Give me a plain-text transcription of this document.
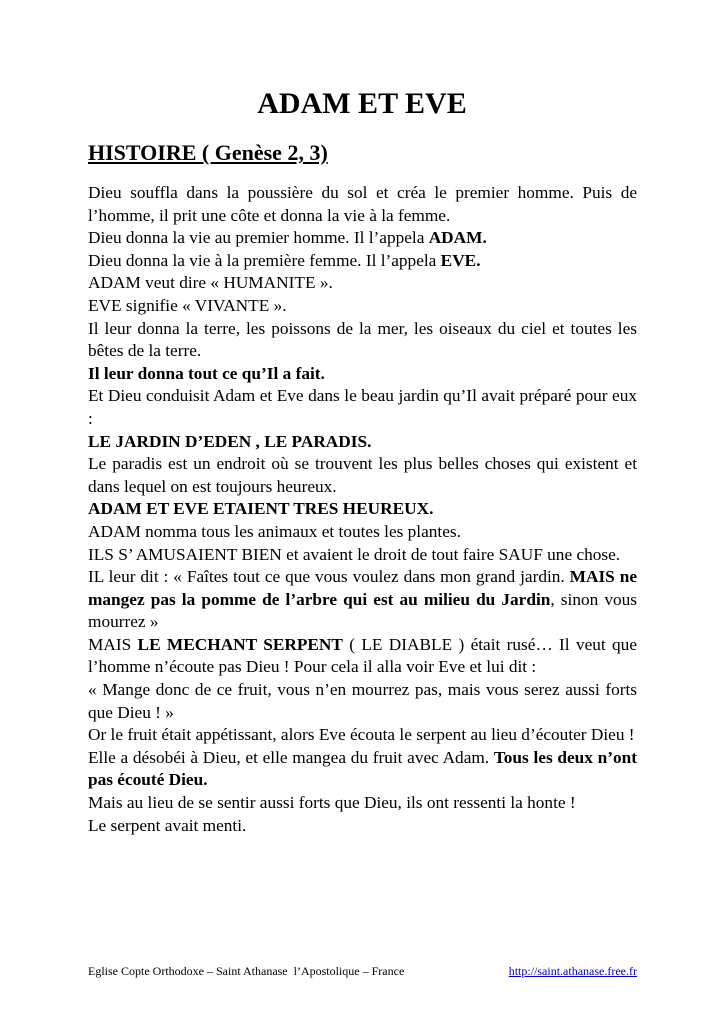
ADAM ET EVE
HISTOIRE ( Genèse 2, 3)

Dieu souffla dans la poussière du sol et créa le premier homme. Puis de l’homme, il prit une côte et donna la vie à la femme.

Dieu donna la vie au premier homme. Il l’appela ADAM.

Dieu donna la vie à la première femme. Il l’appela EVE.

ADAM veut dire « HUMANITE ».

EVE signifie « VIVANTE ».

Il leur donna la terre, les poissons de la mer, les oiseaux du ciel et toutes les bêtes de la terre.

Il leur donna tout ce qu’Il a fait.

Et Dieu conduisit Adam et Eve dans le beau jardin qu’Il avait préparé pour eux :

LE JARDIN D’EDEN , LE PARADIS.

Le paradis est un endroit où se trouvent les plus belles choses qui existent et dans lequel on est toujours heureux.

ADAM ET EVE ETAIENT TRES HEUREUX.

ADAM nomma tous les animaux et toutes les plantes.

ILS S’ AMUSAIENT BIEN et avaient le droit de tout faire SAUF une chose.

IL leur dit : « Faîtes tout ce que vous voulez dans mon grand jardin. MAIS ne mangez pas la pomme de l’arbre qui est au milieu du Jardin, sinon vous mourrez »

MAIS LE MECHANT SERPENT ( LE DIABLE ) était rusé… Il veut que l’homme n’écoute pas Dieu ! Pour cela il alla voir Eve et lui dit :

« Mange donc de ce fruit, vous n’en mourrez pas, mais vous serez aussi forts que Dieu ! »

Or le fruit était appétissant, alors Eve écouta le serpent au lieu d’écouter Dieu !

Elle a désobéi à Dieu, et elle mangea du fruit avec Adam. Tous les deux n’ont pas écouté Dieu.

Mais au lieu de se sentir aussi forts que Dieu, ils ont ressenti la honte !

Le serpent avait menti.

Eglise Copte Orthodoxe – Saint Athanase  l’Apostolique – France	http://saint.athanase.free.fr
